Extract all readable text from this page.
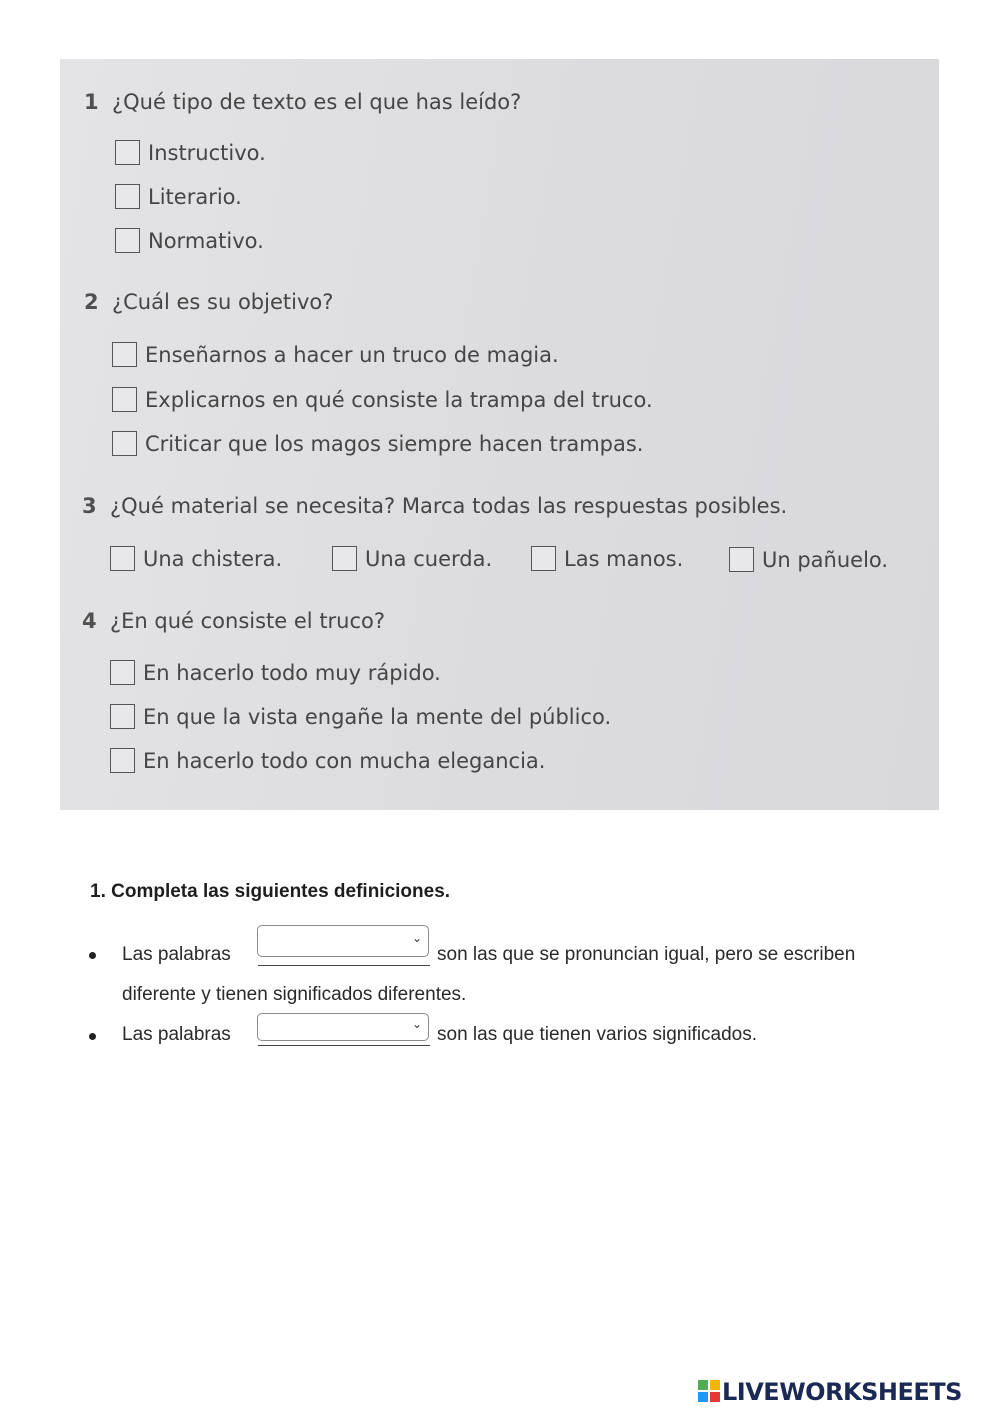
1 ¿Qué tipo de texto es el que has leído?
Instructivo.
Literario.
Normativo.
2 ¿Cuál es su objetivo?
Enseñarnos a hacer un truco de magia.
Explicarnos en qué consiste la trampa del truco.
Criticar que los magos siempre hacen trampas.
3 ¿Qué material se necesita? Marca todas las respuestas posibles.
Una chistera.	Una cuerda.	Las manos.	Un pañuelo.
4 ¿En qué consiste el truco?
En hacerlo todo muy rápido.
En que la vista engañe la mente del público.
En hacerlo todo con mucha elegancia.
1. Completa las siguientes definiciones.
Las palabras
⌄
son las que se pronuncian igual, pero se escriben
diferente y tienen significados diferentes.
Las palabras	⌄ son las que tienen varios significados.
LIVEWORKSHEETS
